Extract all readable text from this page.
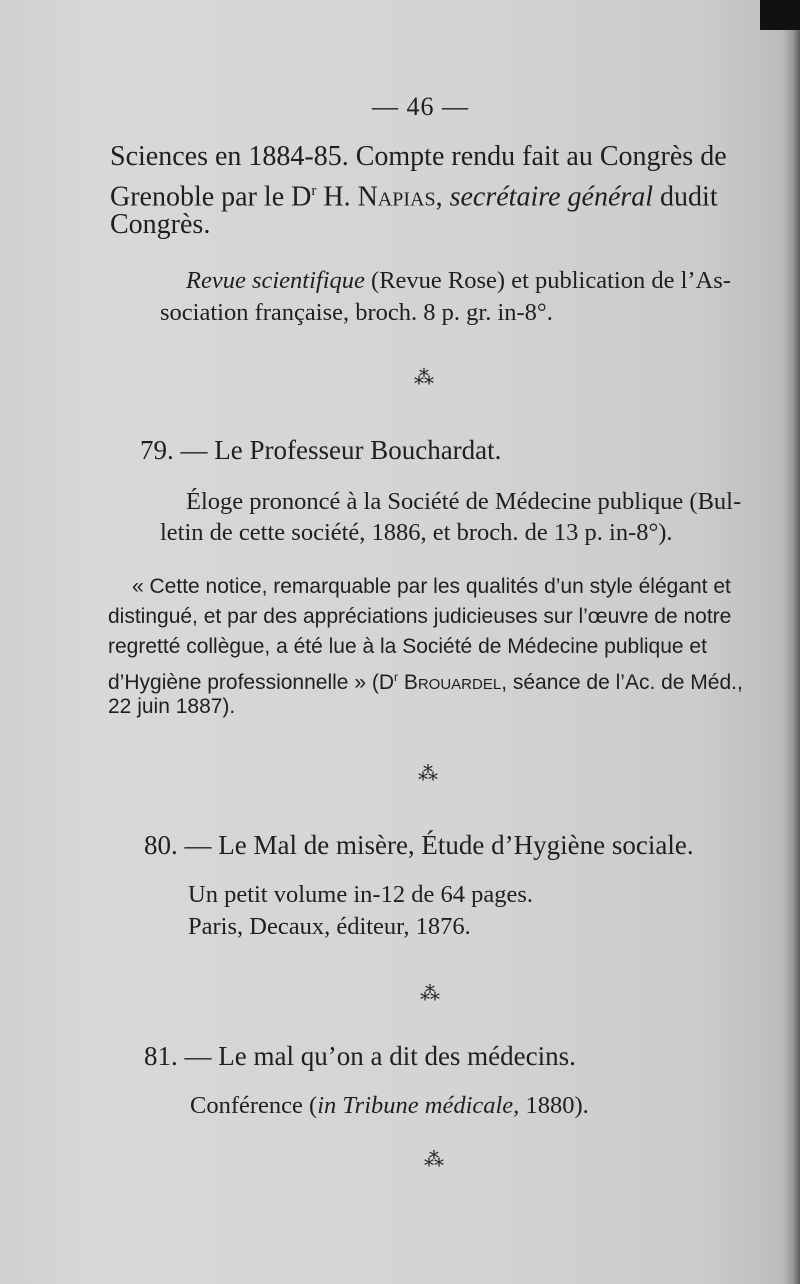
— 46 —

Sciences en 1884-85. Compte rendu fait au Congrès de

Grenoble par le $D^r$ H. Napias, secrétaire général dudit

Congrès.

Revue scientifique (Revue Rose) et publication de l’As-

sociation française, broch. 8 p. gr. in-8°.

⁂

79. — Le Professeur Bouchardat.

Éloge prononcé à la Société de Médecine publique (Bul-

letin de cette société, 1886, et broch. de 13 p. in-8°).

« Cette notice, remarquable par les qualités d’un style élégant et

distingué, et par des appréciations judicieuses sur l’œuvre de notre

regretté collègue, a été lue à la Société de Médecine publique et

d’Hygiène professionnelle » ($D^r$ Brouardel, séance de l’Ac. de Méd.,

22 juin 1887).

⁂

80. — Le Mal de misère, Étude d’Hygiène sociale.

Un petit volume in-12 de 64 pages.

Paris, Decaux, éditeur, 1876.

⁂

81. — Le mal qu’on a dit des médecins.

Conférence (in Tribune médicale, 1880).

⁂
